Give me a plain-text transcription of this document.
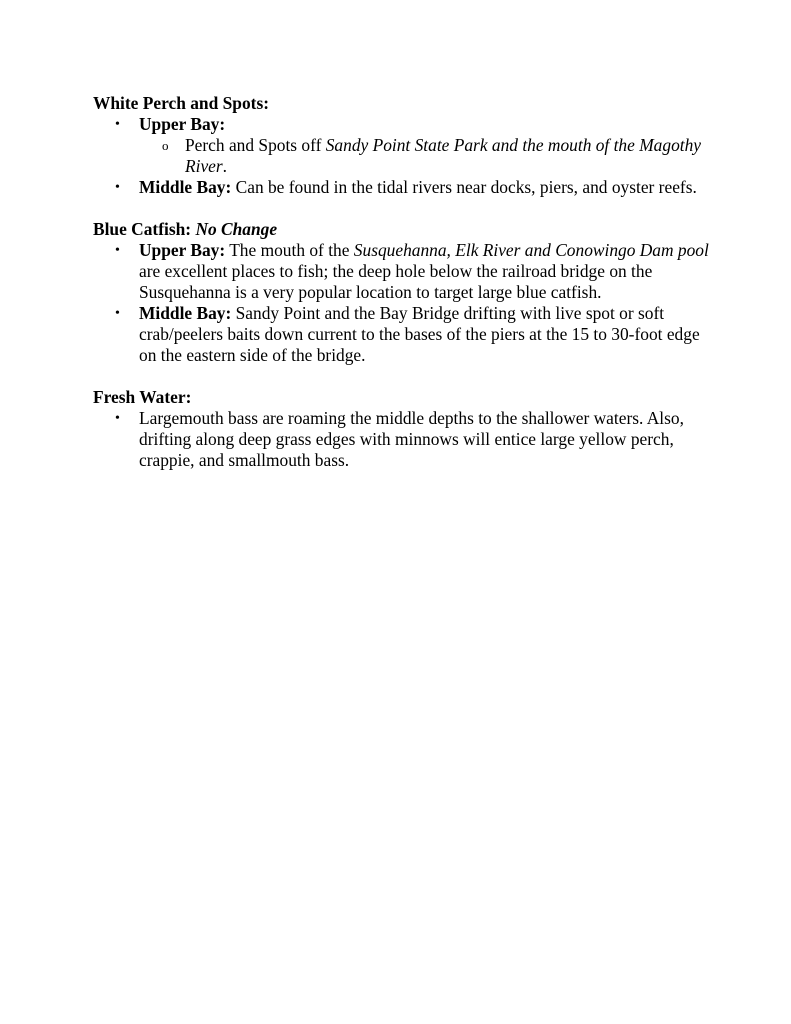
White Perch and Spots:
• Upper Bay:
o Perch and Spots off Sandy Point State Park and the mouth of the Magothy River.
• Middle Bay: Can be found in the tidal rivers near docks, piers, and oyster reefs.
Blue Catfish: No Change
• Upper Bay: The mouth of the Susquehanna, Elk River and Conowingo Dam pool are excellent places to fish; the deep hole below the railroad bridge on the Susquehanna is a very popular location to target large blue catfish.
• Middle Bay: Sandy Point and the Bay Bridge drifting with live spot or soft crab/peelers baits down current to the bases of the piers at the 15 to 30-foot edge on the eastern side of the bridge.
Fresh Water:
• Largemouth bass are roaming the middle depths to the shallower waters. Also, drifting along deep grass edges with minnows will entice large yellow perch, crappie, and smallmouth bass.
